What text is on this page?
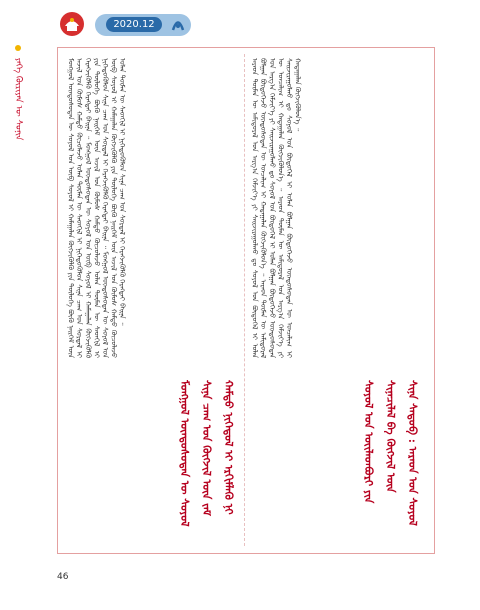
2020.12
ᠶᠡᠬᠡ ᠬᠦᠷᠢᠶᠡᠨ ᠦ ᠰᠣᠨᠢᠨ	ᠮᠣᠩᠭᠣᠯ ᠦᠨᠳᠦᠰᠦᠲᠡᠨ ᠦ ᠰᠣᠶᠣᠯ ᠤᠨ ᠦᠪ ᠰᠣᠶᠣᠯ ᠢ ᠬᠠᠮᠠᠭᠠᠯᠠᠨ ᠬᠥᠭᠵᠢᠭᠦᠯᠬᠦ ᠶᠢᠨ ᠲᠥᠯᠥᠭᠡ ᠪᠦᠬᠦ ᠨᠡᠢᠭᠡᠮ ᠦᠨ ᠠᠵᠢᠯ ᠤᠨ ᠬᠦᠮᠦᠰ ᠬᠠᠮᠲᠤ ᠬᠦᠴᠦᠯᠡᠵᠦ ᠣᠯᠠᠨ ᠲᠦᠮᠡᠨ ᠦ ᠰᠡᠳᠬᠢᠯ ᠢ ᠨᠢᠭᠡᠳᠦᠭᠦᠯᠦᠨ ᠰᠢᠨᠡ ᠴᠠᠭ ᠤᠨ ᠰᠤᠷᠲᠠᠯ ᠢ ᠬᠡᠷᠡᠭᠵᠢᠭᠦᠯᠬᠦ ᠬᠡᠷᠡᠭᠲᠡᠢ ᠪᠠᠢᠨᠠ ᠃ ᠮᠣᠩᠭᠣᠯ ᠦᠨᠳᠦᠰᠦᠲᠡᠨ ᠦ ᠰᠣᠶᠣᠯ ᠤᠨ ᠦᠪ ᠰᠣᠶᠣᠯ ᠢ ᠬᠠᠮᠠᠭᠠᠯᠠᠨ ᠬᠥᠭᠵᠢᠭᠦᠯᠬᠦ ᠶᠢᠨ ᠲᠥᠯᠥᠭᠡ ᠪᠦᠬᠦ ᠨᠡᠢᠭᠡᠮ ᠦᠨ ᠠᠵᠢᠯ ᠤᠨ ᠬᠦᠮᠦᠰ ᠬᠠᠮᠲᠤ ᠬᠦᠴᠦᠯᠡᠵᠦ ᠣᠯᠠᠨ ᠲᠦᠮᠡᠨ ᠦ ᠰᠡᠳᠬᠢᠯ ᠢ ᠨᠢᠭᠡᠳᠦᠭᠦᠯᠦᠨ ᠰᠢᠨᠡ ᠴᠠᠭ ᠤᠨ ᠰᠤᠷᠲᠠᠯ ᠢ ᠬᠡᠷᠡᠭᠵᠢᠭᠦᠯᠬᠦ ᠬᠡᠷᠡᠭᠲᠡᠢ ᠪᠠᠢᠨᠠ ᠃ ᠮᠣᠩᠭᠣᠯ ᠦᠨᠳᠦᠰᠦᠲᠡᠨ ᠦ ᠰᠣᠶᠣᠯ ᠤᠨ ᠦᠪ ᠰᠣᠶᠣᠯ ᠢ ᠬᠠᠮᠠᠭᠠᠯᠠᠨ ᠬᠥᠭᠵᠢᠭᠦᠯᠬᠦ ᠶᠢᠨ ᠲᠥᠯᠥᠭᠡ ᠪᠦᠬᠦ ᠨᠡᠢᠭᠡᠮ ᠦᠨ ᠠᠵᠢᠯ ᠤᠨ ᠬᠦᠮᠦᠰ ᠬᠠᠮᠲᠤ ᠬᠦᠴᠦᠯᠡᠵᠦ ᠣᠯᠠᠨ ᠲᠦᠮᠡᠨ ᠦ ᠰᠡᠳᠬᠢᠯ ᠢ ᠨᠢᠭᠡᠳᠦᠭᠦᠯᠦᠨ ᠰᠢᠨᠡ ᠴᠠᠭ ᠤᠨ ᠰᠤᠷᠲᠠᠯ ᠢ ᠬᠡᠷᠡᠭᠵᠢᠭᠦᠯᠬᠦ ᠬᠡᠷᠡᠭᠲᠡᠢ ᠪᠠᠢᠨᠠ ᠃
ᠮᠣᠩᠭᠣᠯ ᠦᠨᠳᠦᠰᠦᠲᠡᠨ ᠦ ᠰᠣᠶᠣᠯ ᠰᠢᠨᠡ ᠴᠠᠭ ᠤᠨ ᠬᠥᠭᠵᠢᠯ ᠦᠨ ᠵᠠᠮ ᠬᠠᠮᠲᠤ ᠨᠢᠭᠡᠳᠦᠯ ᠢ ᠡᠷᠬᠢᠮᠯᠡᠬᠦ ᠨᠢ
ᠠᠷᠠᠳ ᠲᠦᠮᠡᠨ ᠦ ᠠᠮᠢᠳᠤᠷᠠᠯ ᠤᠨ ᠠᠷᠭ᠎ᠠ ᠬᠡᠮᠵᠢᠶ᠎ᠡ ᠶᠢ ᠰᠠᠢᠵᠢᠷᠠᠭᠤᠯᠬᠤ ᠳᠤ ᠰᠣᠶᠣᠯ ᠤᠨ ᠪᠦᠲᠦᠭᠡᠯ ᠢ ᠣᠯᠠᠨ ᠪᠣᠯᠭᠠᠨ ᠪᠦᠲᠦᠭᠡᠵᠦ ᠦᠨᠳᠦᠰᠦᠲᠡᠨ ᠦ ᠣᠨᠴᠠᠯᠢᠭ ᠢ ᠬᠠᠳᠠᠭᠠᠯᠠᠨ ᠬᠥᠭᠵᠢᠭᠦᠯᠦᠨ᠎ᠡ ᠃ ᠠᠷᠠᠳ ᠲᠦᠮᠡᠨ ᠦ ᠠᠮᠢᠳᠤᠷᠠᠯ ᠤᠨ ᠠᠷᠭ᠎ᠠ ᠬᠡᠮᠵᠢᠶ᠎ᠡ ᠶᠢ ᠰᠠᠢᠵᠢᠷᠠᠭᠤᠯᠬᠤ ᠳᠤ ᠰᠣᠶᠣᠯ ᠤᠨ ᠪᠦᠲᠦᠭᠡᠯ ᠢ ᠣᠯᠠᠨ ᠪᠣᠯᠭᠠᠨ ᠪᠦᠲᠦᠭᠡᠵᠦ ᠦᠨᠳᠦᠰᠦᠲᠡᠨ ᠦ ᠣᠨᠴᠠᠯᠢᠭ ᠢ ᠬᠠᠳᠠᠭᠠᠯᠠᠨ ᠬᠥᠭᠵᠢᠭᠦᠯᠦᠨ᠎ᠡ ᠃ ᠠᠷᠠᠳ ᠲᠦᠮᠡᠨ ᠦ ᠠᠮᠢᠳᠤᠷᠠᠯ ᠤᠨ ᠠᠷᠭ᠎ᠠ ᠬᠡᠮᠵᠢᠶ᠎ᠡ ᠶᠢ ᠰᠠᠢᠵᠢᠷᠠᠭᠤᠯᠬᠤ ᠳᠤ ᠰᠣᠶᠣᠯ ᠤᠨ ᠪᠦᠲᠦᠭᠡᠯ ᠢ ᠣᠯᠠᠨ ᠪᠣᠯᠭᠠᠨ ᠪᠦᠲᠦᠭᠡᠵᠦ ᠦᠨᠳᠦᠰᠦᠲᠡᠨ ᠦ ᠣᠨᠴᠠᠯᠢᠭ ᠢ ᠬᠠᠳᠠᠭᠠᠯᠠᠨ ᠬᠥᠭᠵᠢᠭᠦᠯᠦᠨ᠎ᠡ ᠃
ᠰᠣᠶᠣᠯ ᠤᠨ ᠦᠢᠯᠡᠳᠪᠦᠷᠢ ᠶᠢᠨ ᠰᠢᠨᠡᠴᠢᠯᠡᠯ ᠪᠠ ᠬᠥᠭᠵᠢᠯ ᠦᠨ ᠰᠢᠨᠡ ᠰᠡᠳᠦᠪ : ᠠᠷᠠᠳ ᠤᠨ ᠰᠣᠶᠣᠯ
46
